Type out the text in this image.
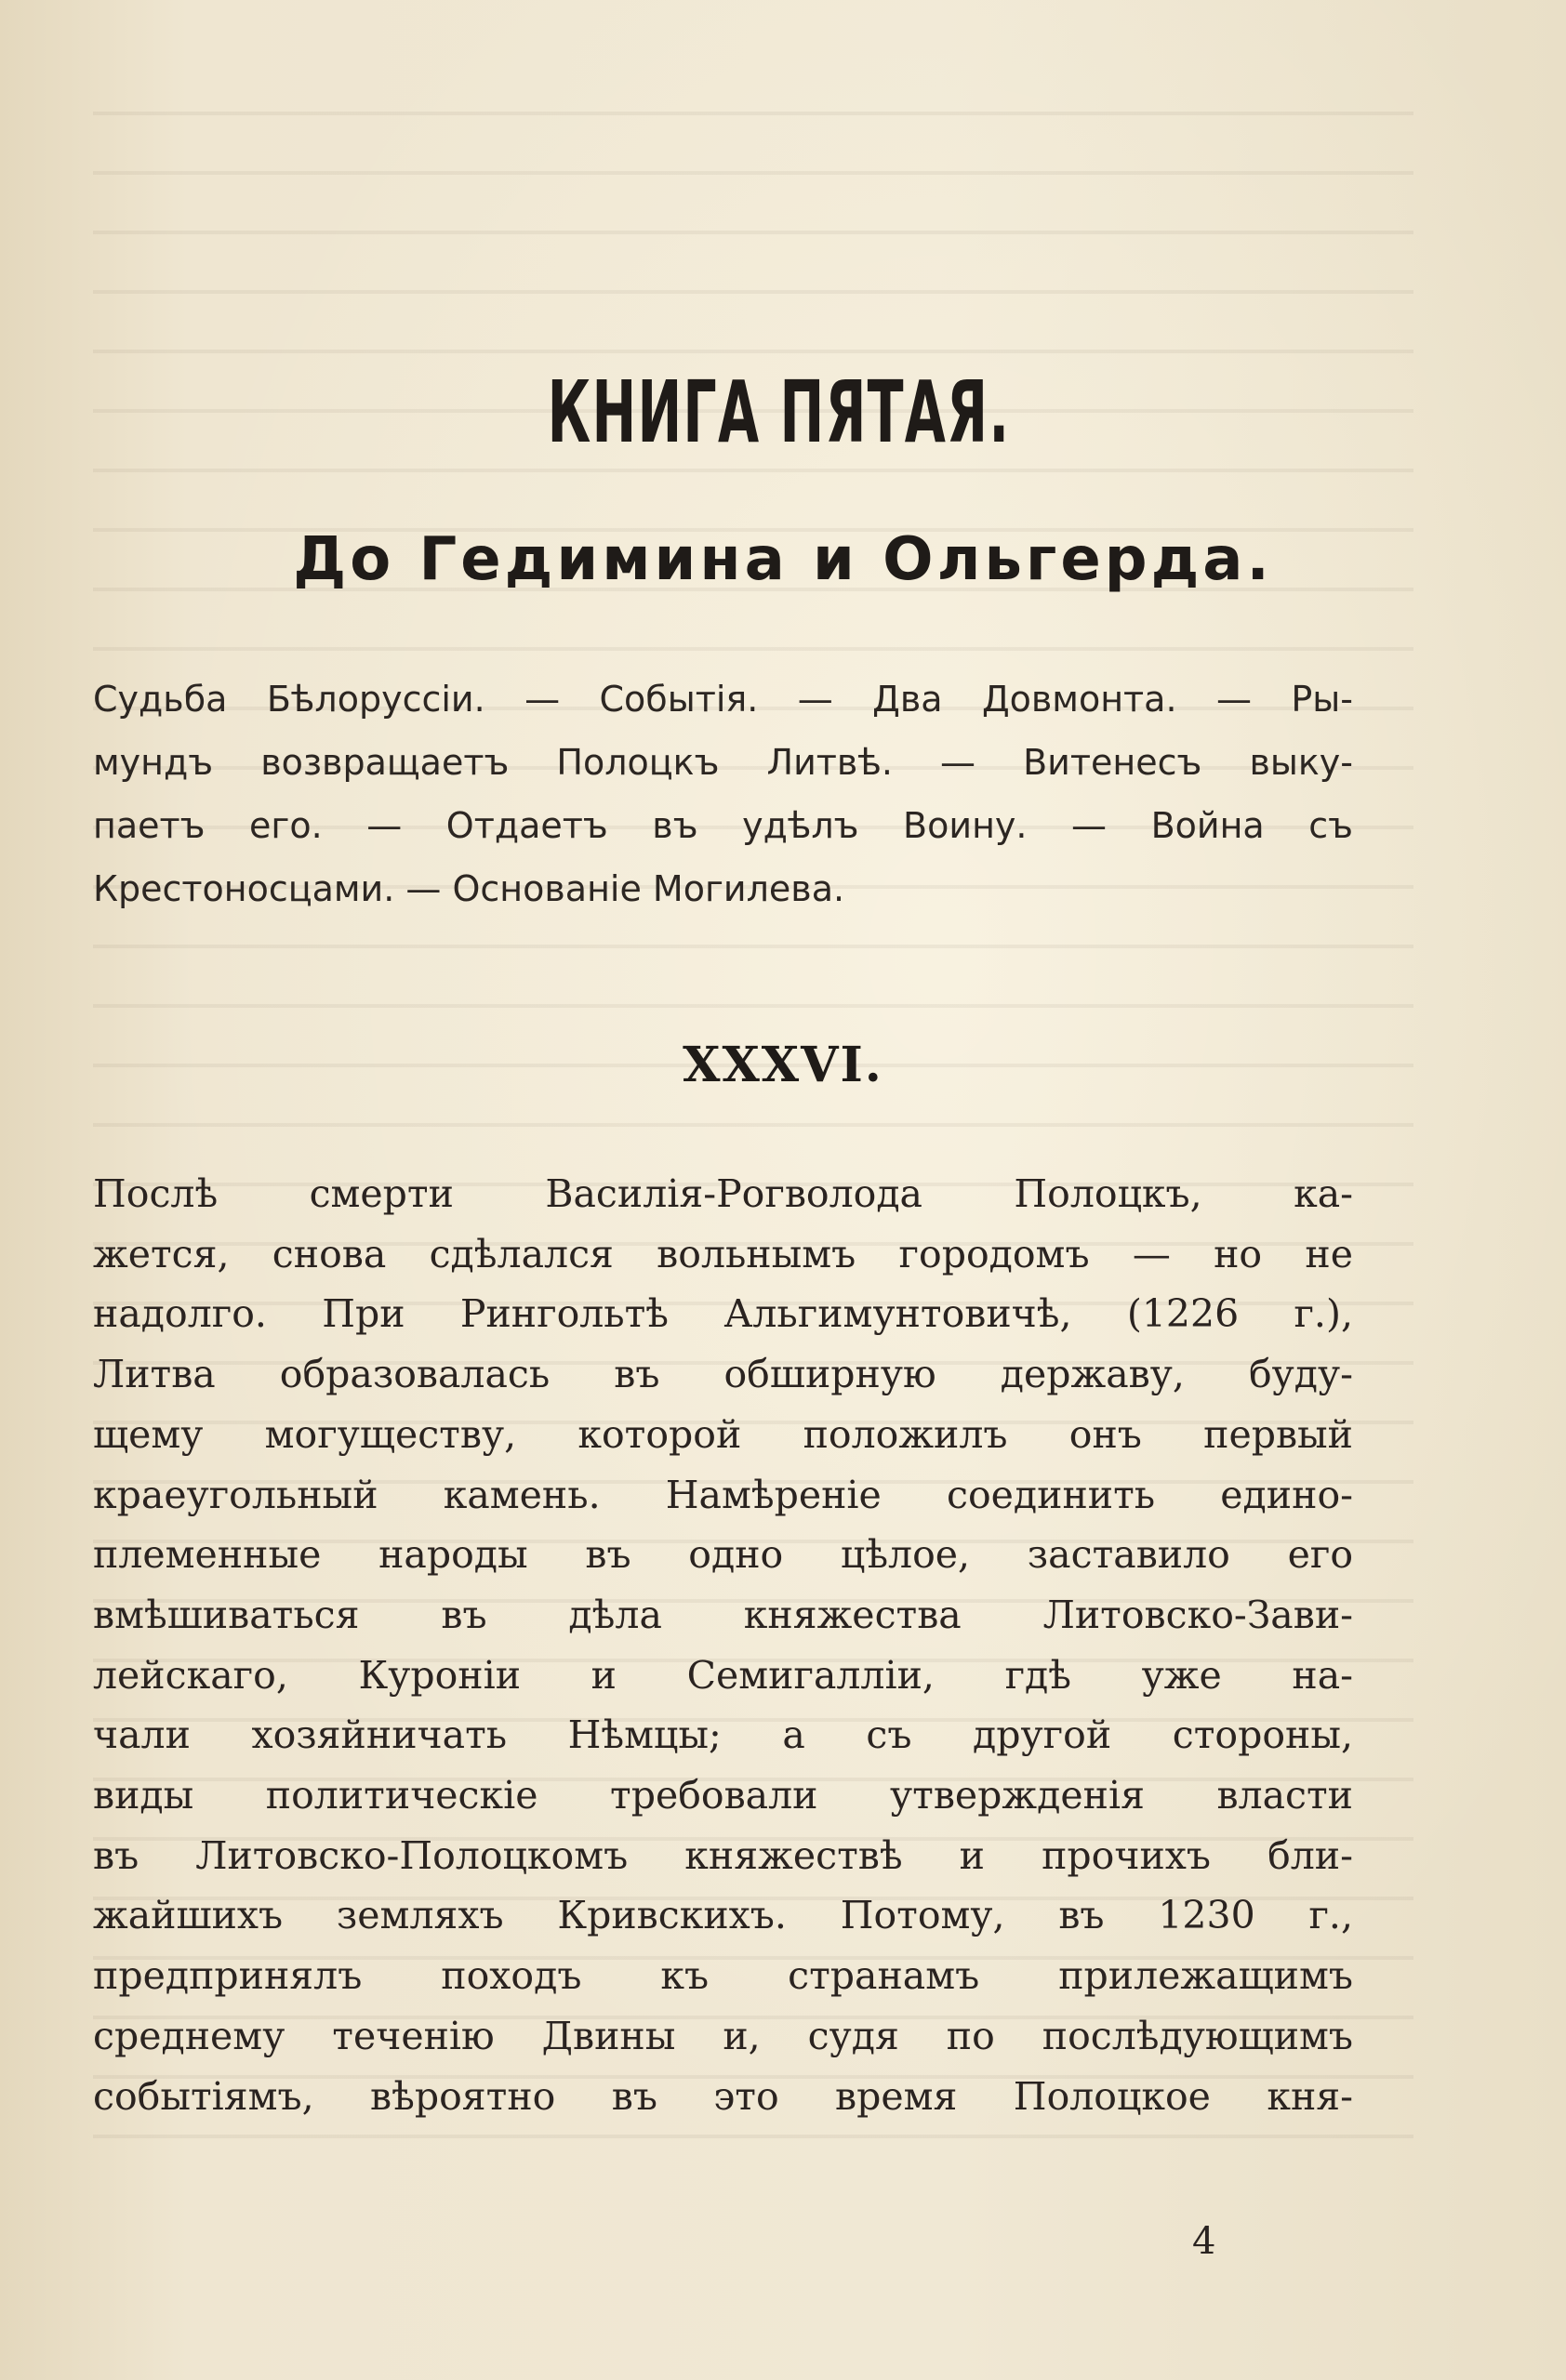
КНИГА ПЯТАЯ.
До Гедимина и Ольгерда.
Судьба Бѣлоруссіи. — Событія. — Два Довмонта. — Ры-
мундъ возвращаетъ Полоцкъ Литвѣ. — Витенесъ выку-
паетъ его. — Отдаетъ въ удѣлъ Воину. — Война съ
Крестоносцами. — Основаніе Могилева.
XXXVI.
Послѣ смерти Василія-Рогволода Полоцкъ, ка-
жется, снова сдѣлался вольнымъ городомъ — но не
надолго. При Рингольтѣ Альгимунтовичѣ, (1226 г.),
Литва образовалась въ обширную державу, буду-
щему могуществу, которой положилъ онъ первый
краеугольный камень. Намѣреніе соединить едино-
племенные народы въ одно цѣлое, заставило его
вмѣшиваться въ дѣла княжества Литовско-Зави-
лейскаго, Куроніи и Семигалліи, гдѣ уже на-
чали хозяйничать Нѣмцы; а съ другой стороны,
виды политическіе требовали утвержденія власти
въ Литовско-Полоцкомъ княжествѣ и прочихъ бли-
жайшихъ земляхъ Кривскихъ. Потому, въ 1230 г.,
предпринялъ походъ къ странамъ прилежащимъ
среднему теченію Двины и, судя по послѣдующимъ
событіямъ, вѣроятно въ это время Полоцкое кня-
4
